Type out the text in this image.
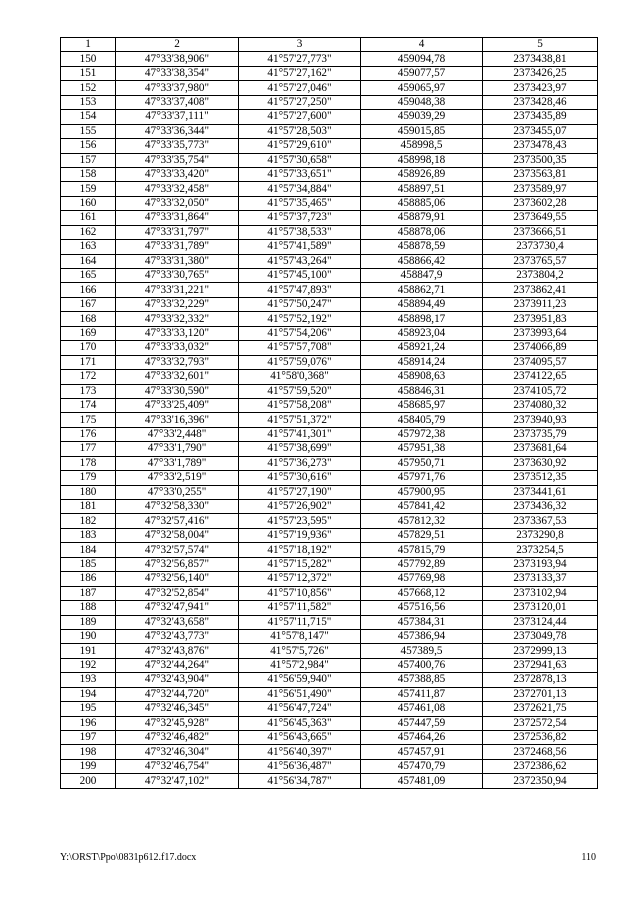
1	2	3	4	5
150	47°33'38,906"	41°57'27,773"	459094,78	2373438,81
151	47°33'38,354"	41°57'27,162"	459077,57	2373426,25
152	47°33'37,980"	41°57'27,046"	459065,97	2373423,97
153	47°33'37,408"	41°57'27,250"	459048,38	2373428,46
154	47°33'37,111"	41°57'27,600"	459039,29	2373435,89
155	47°33'36,344"	41°57'28,503"	459015,85	2373455,07
156	47°33'35,773"	41°57'29,610"	458998,5	2373478,43
157	47°33'35,754"	41°57'30,658"	458998,18	2373500,35
158	47°33'33,420"	41°57'33,651"	458926,89	2373563,81
159	47°33'32,458"	41°57'34,884"	458897,51	2373589,97
160	47°33'32,050"	41°57'35,465"	458885,06	2373602,28
161	47°33'31,864"	41°57'37,723"	458879,91	2373649,55
162	47°33'31,797"	41°57'38,533"	458878,06	2373666,51
163	47°33'31,789"	41°57'41,589"	458878,59	2373730,4
164	47°33'31,380"	41°57'43,264"	458866,42	2373765,57
165	47°33'30,765"	41°57'45,100"	458847,9	2373804,2
166	47°33'31,221"	41°57'47,893"	458862,71	2373862,41
167	47°33'32,229"	41°57'50,247"	458894,49	2373911,23
168	47°33'32,332"	41°57'52,192"	458898,17	2373951,83
169	47°33'33,120"	41°57'54,206"	458923,04	2373993,64
170	47°33'33,032"	41°57'57,708"	458921,24	2374066,89
171	47°33'32,793"	41°57'59,076"	458914,24	2374095,57
172	47°33'32,601"	41°58'0,368"	458908,63	2374122,65
173	47°33'30,590"	41°57'59,520"	458846,31	2374105,72
174	47°33'25,409"	41°57'58,208"	458685,97	2374080,32
175	47°33'16,396"	41°57'51,372"	458405,79	2373940,93
176	47°33'2,448"	41°57'41,301"	457972,38	2373735,79
177	47°33'1,790"	41°57'38,699"	457951,38	2373681,64
178	47°33'1,789"	41°57'36,273"	457950,71	2373630,92
179	47°33'2,519"	41°57'30,616"	457971,76	2373512,35
180	47°33'0,255"	41°57'27,190"	457900,95	2373441,61
181	47°32'58,330"	41°57'26,902"	457841,42	2373436,32
182	47°32'57,416"	41°57'23,595"	457812,32	2373367,53
183	47°32'58,004"	41°57'19,936"	457829,51	2373290,8
184	47°32'57,574"	41°57'18,192"	457815,79	2373254,5
185	47°32'56,857"	41°57'15,282"	457792,89	2373193,94
186	47°32'56,140"	41°57'12,372"	457769,98	2373133,37
187	47°32'52,854"	41°57'10,856"	457668,12	2373102,94
188	47°32'47,941"	41°57'11,582"	457516,56	2373120,01
189	47°32'43,658"	41°57'11,715"	457384,31	2373124,44
190	47°32'43,773"	41°57'8,147"	457386,94	2373049,78
191	47°32'43,876"	41°57'5,726"	457389,5	2372999,13
192	47°32'44,264"	41°57'2,984"	457400,76	2372941,63
193	47°32'43,904"	41°56'59,940"	457388,85	2372878,13
194	47°32'44,720"	41°56'51,490"	457411,87	2372701,13
195	47°32'46,345"	41°56'47,724"	457461,08	2372621,75
196	47°32'45,928"	41°56'45,363"	457447,59	2372572,54
197	47°32'46,482"	41°56'43,665"	457464,26	2372536,82
198	47°32'46,304"	41°56'40,397"	457457,91	2372468,56
199	47°32'46,754"	41°56'36,487"	457470,79	2372386,62
200	47°32'47,102"	41°56'34,787"	457481,09	2372350,94
Y:\ORST\Ppo\0831p612.f17.docx	110
